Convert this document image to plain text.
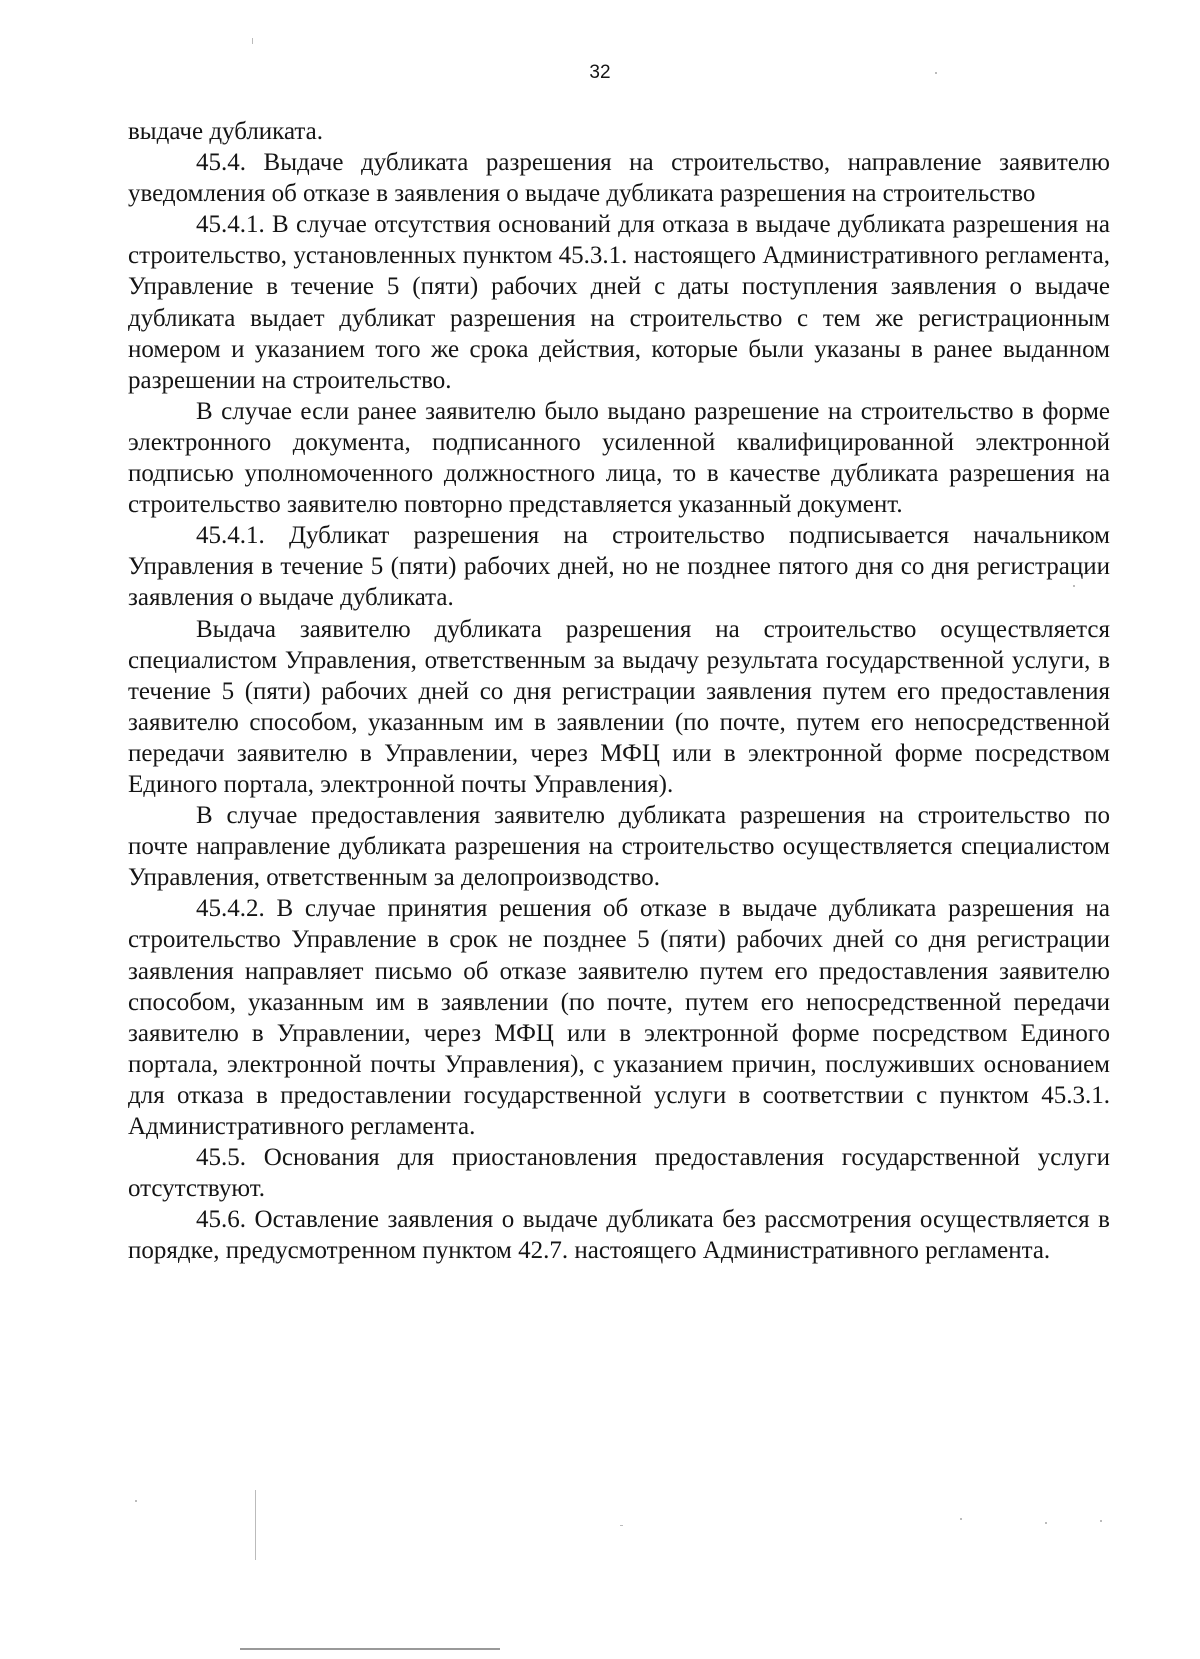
32

выдаче дубликата.

45.4. Выдаче дубликата разрешения на строительство, направление заявителю уведомления об отказе в заявления о выдаче дубликата разрешения на строительство

45.4.1. В случае отсутствия оснований для отказа в выдаче дубликата разрешения на строительство, установленных пунктом 45.3.1. настоящего Административного регламента, Управление в течение 5 (пяти) рабочих дней с даты поступления заявления о выдаче дубликата выдает дубликат разрешения на строительство с тем же регистрационным номером и указанием того же срока действия, которые были указаны в ранее выданном разрешении на строительство.

В случае если ранее заявителю было выдано разрешение на строительство в форме электронного документа, подписанного усиленной квалифицированной электронной подписью уполномоченного должностного лица, то в качестве дубликата разрешения на строительство заявителю повторно представляется указанный документ.

45.4.1. Дубликат разрешения на строительство подписывается начальником Управления в течение 5 (пяти) рабочих дней, но не позднее пятого дня со дня регистрации заявления о выдаче дубликата.

Выдача заявителю дубликата разрешения на строительство осуществляется специалистом Управления, ответственным за выдачу результата государственной услуги, в течение 5 (пяти) рабочих дней со дня регистрации заявления путем его предоставления заявителю способом, указанным им в заявлении (по почте, путем его непосредственной передачи заявителю в Управлении, через МФЦ или в электронной форме посредством Единого портала, электронной почты Управления).

В случае предоставления заявителю дубликата разрешения на строительство по почте направление дубликата разрешения на строительство осуществляется специалистом Управления, ответственным за делопроизводство.

45.4.2. В случае принятия решения об отказе в выдаче дубликата разрешения на строительство Управление в срок не позднее 5 (пяти) рабочих дней со дня регистрации заявления направляет письмо об отказе заявителю путем его предоставления заявителю способом, указанным им в заявлении (по почте, путем его непосредственной передачи заявителю в Управлении, через МФЦ или в электронной форме посредством Единого портала, электронной почты Управления), с указанием причин, послуживших основанием для отказа в предоставлении государственной услуги в соответствии с пунктом 45.3.1. Административного регламента.

45.5. Основания для приостановления предоставления государственной услуги отсутствуют.

45.6. Оставление заявления о выдаче дубликата без рассмотрения осуществляется в порядке, предусмотренном пунктом 42.7. настоящего Административного регламента.
